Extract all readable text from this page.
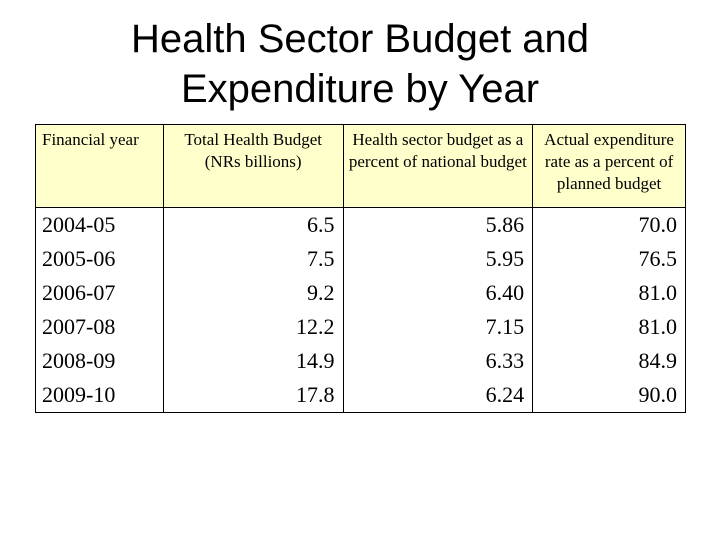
Health Sector Budget and
Expenditure by Year
Financial year	Total Health Budget (NRs billions)	Health sector budget as a percent of national budget	Actual expenditure rate as a percent of planned budget
2004-05	6.5	5.86	70.0
2005-06	7.5	5.95	76.5
2006-07	9.2	6.40	81.0
2007-08	12.2	7.15	81.0
2008-09	14.9	6.33	84.9
2009-10	17.8	6.24	90.0
